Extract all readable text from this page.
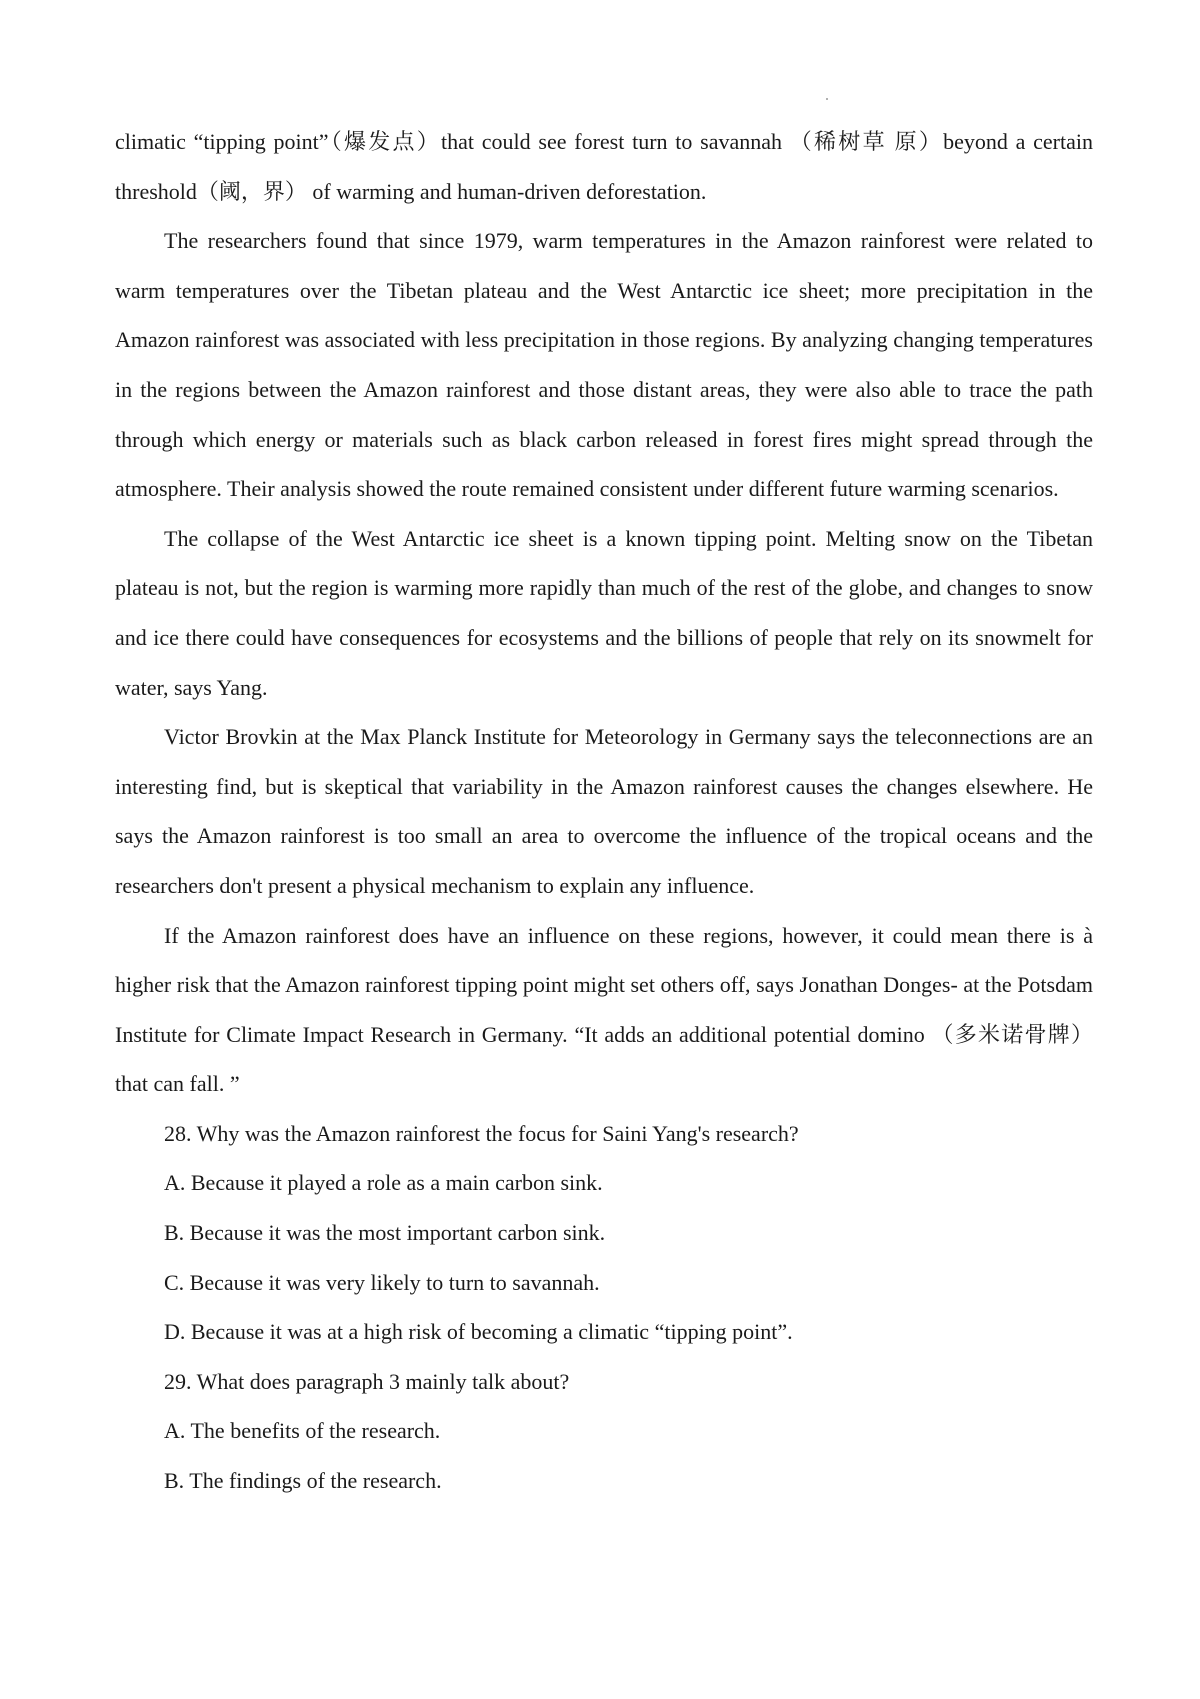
climatic “tipping point”（爆发点）that could see forest turn to savannah （稀树草 原）beyond a certain threshold（阈，界） of warming and human-driven deforestation.

The researchers found that since 1979, warm temperatures in the Amazon rainforest were related to warm temperatures over the Tibetan plateau and the West Antarctic ice sheet; more precipitation in the Amazon rainforest was associated with less precipitation in those regions. By analyzing changing temperatures in the regions between the Amazon rainforest and those distant areas, they were also able to trace the path through which energy or materials such as black carbon released in forest fires might spread through the atmosphere. Their analysis showed the route remained consistent under different future warming scenarios.

The collapse of the West Antarctic ice sheet is a known tipping point. Melting snow on the Tibetan plateau is not, but the region is warming more rapidly than much of the rest of the globe, and changes to snow and ice there could have consequences for ecosystems and the billions of people that rely on its snowmelt for water, says Yang.

Victor Brovkin at the Max Planck Institute for Meteorology in Germany says the teleconnections are an interesting find, but is skeptical that variability in the Amazon rainforest causes the changes elsewhere. He says the Amazon rainforest is too small an area to overcome the influence of the tropical oceans and the researchers don't present a physical mechanism to explain any influence.

If the Amazon rainforest does have an influence on these regions, however, it could mean there is à higher risk that the Amazon rainforest tipping point might set others off, says Jonathan Donges- at the Potsdam Institute for Climate Impact Research in Germany. “It adds an additional potential domino （多米诺骨牌）that can fall. ”

28. Why was the Amazon rainforest the focus for Saini Yang's research?

A. Because it played a role as a main carbon sink.

B. Because it was the most important carbon sink.

C. Because it was very likely to turn to savannah.

D. Because it was at a high risk of becoming a climatic “tipping point”.

29. What does paragraph 3 mainly talk about?

A. The benefits of the research.

B. The findings of the research.
